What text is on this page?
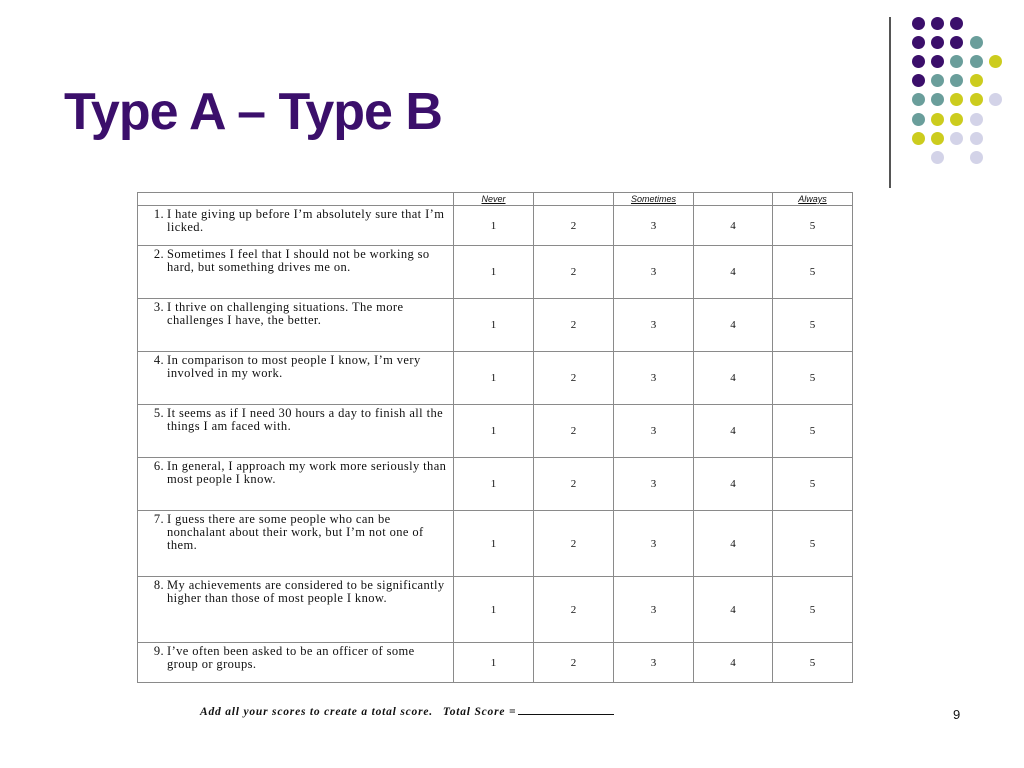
Type A – Type B
	Never		Sometimes		Always

1. I hate giving up before I’m absolutely sure that I’m licked.	1	2	3	4	5

2. Sometimes I feel that I should not be working so hard, but something drives me on.	1	2	3	4	5

3. I thrive on challenging situations. The more challenges I have, the better.	1	2	3	4	5

4. In comparison to most people I know, I’m very involved in my work.	1	2	3	4	5

5. It seems as if I need 30 hours a day to finish all the things I am faced with.	1	2	3	4	5

6. In general, I approach my work more seriously than most people I know.	1	2	3	4	5

7. I guess there are some people who can be nonchalant about their work, but I’m not one of them.	1	2	3	4	5

8. My achievements are considered to be significantly higher than those of most people I know.	1	2	3	4	5

9. I’ve often been asked to be an officer of some group or groups.	1	2	3	4	5
Add all your scores to create a total score. Total Score =	9
